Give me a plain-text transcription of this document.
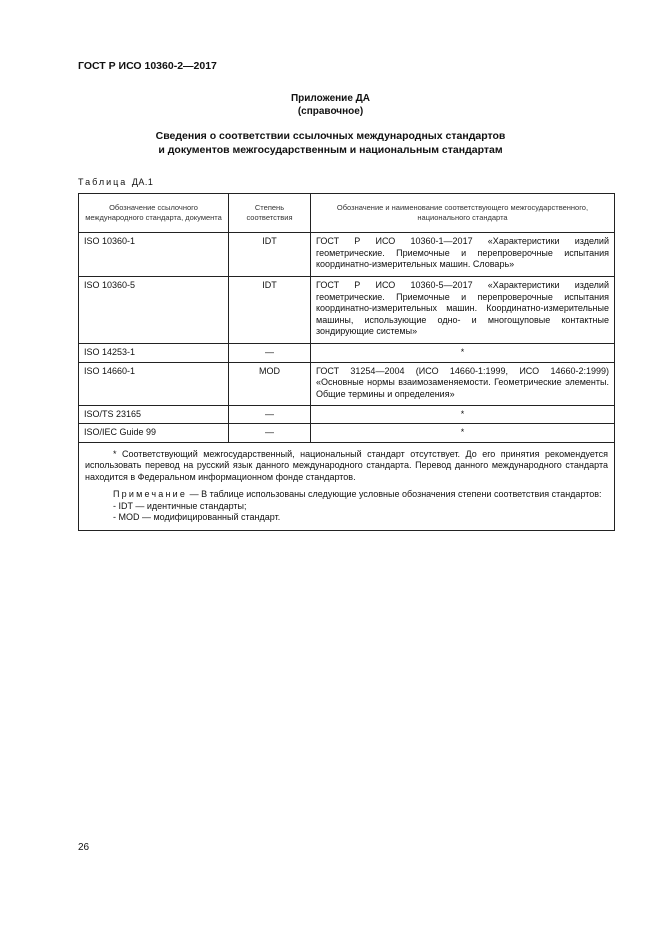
ГОСТ Р ИСО 10360-2—2017
Приложение ДА
(справочное)
Сведения о соответствии ссылочных международных стандартов
и документов межгосударственным и национальным стандартам
Таблица ДА.1
Обозначение ссылочного международного стандарта, документа	Степень соответствия	Обозначение и наименование соответствующего межгосударственного, национального стандарта
ISO 10360-1	IDT	ГОСТ Р ИСО 10360-1—2017 «Характеристики изделий геометрические. Приемочные и перепроверочные испытания координатно-измерительных машин. Словарь»
ISO 10360-5	IDT	ГОСТ Р ИСО 10360-5—2017 «Характеристики изделий геометрические. Приемочные и перепроверочные испытания координатно-измерительных машин. Координатно-измерительные машины, использующие одно- и многощуповые контактные зондирующие системы»
ISO 14253-1	—	*
ISO 14660-1	MOD	ГОСТ 31254—2004 (ИСО 14660-1:1999, ИСО 14660-2:1999) «Основные нормы взаимозаменяемости. Геометрические элементы. Общие термины и определения»
ISO/TS 23165	—	*
ISO/IEC Guide 99	—	*

* Соответствующий межгосударственный, национальный стандарт отсутствует. До его принятия рекомендуется использовать перевод на русский язык данного международного стандарта. Перевод данного международного стандарта находится в Федеральном информационном фонде стандартов.

Примечание — В таблице использованы следующие условные обозначения степени соответствия стандартов:

- IDT — идентичные стандарты;

- MOD — модифицированный стандарт.		

26
